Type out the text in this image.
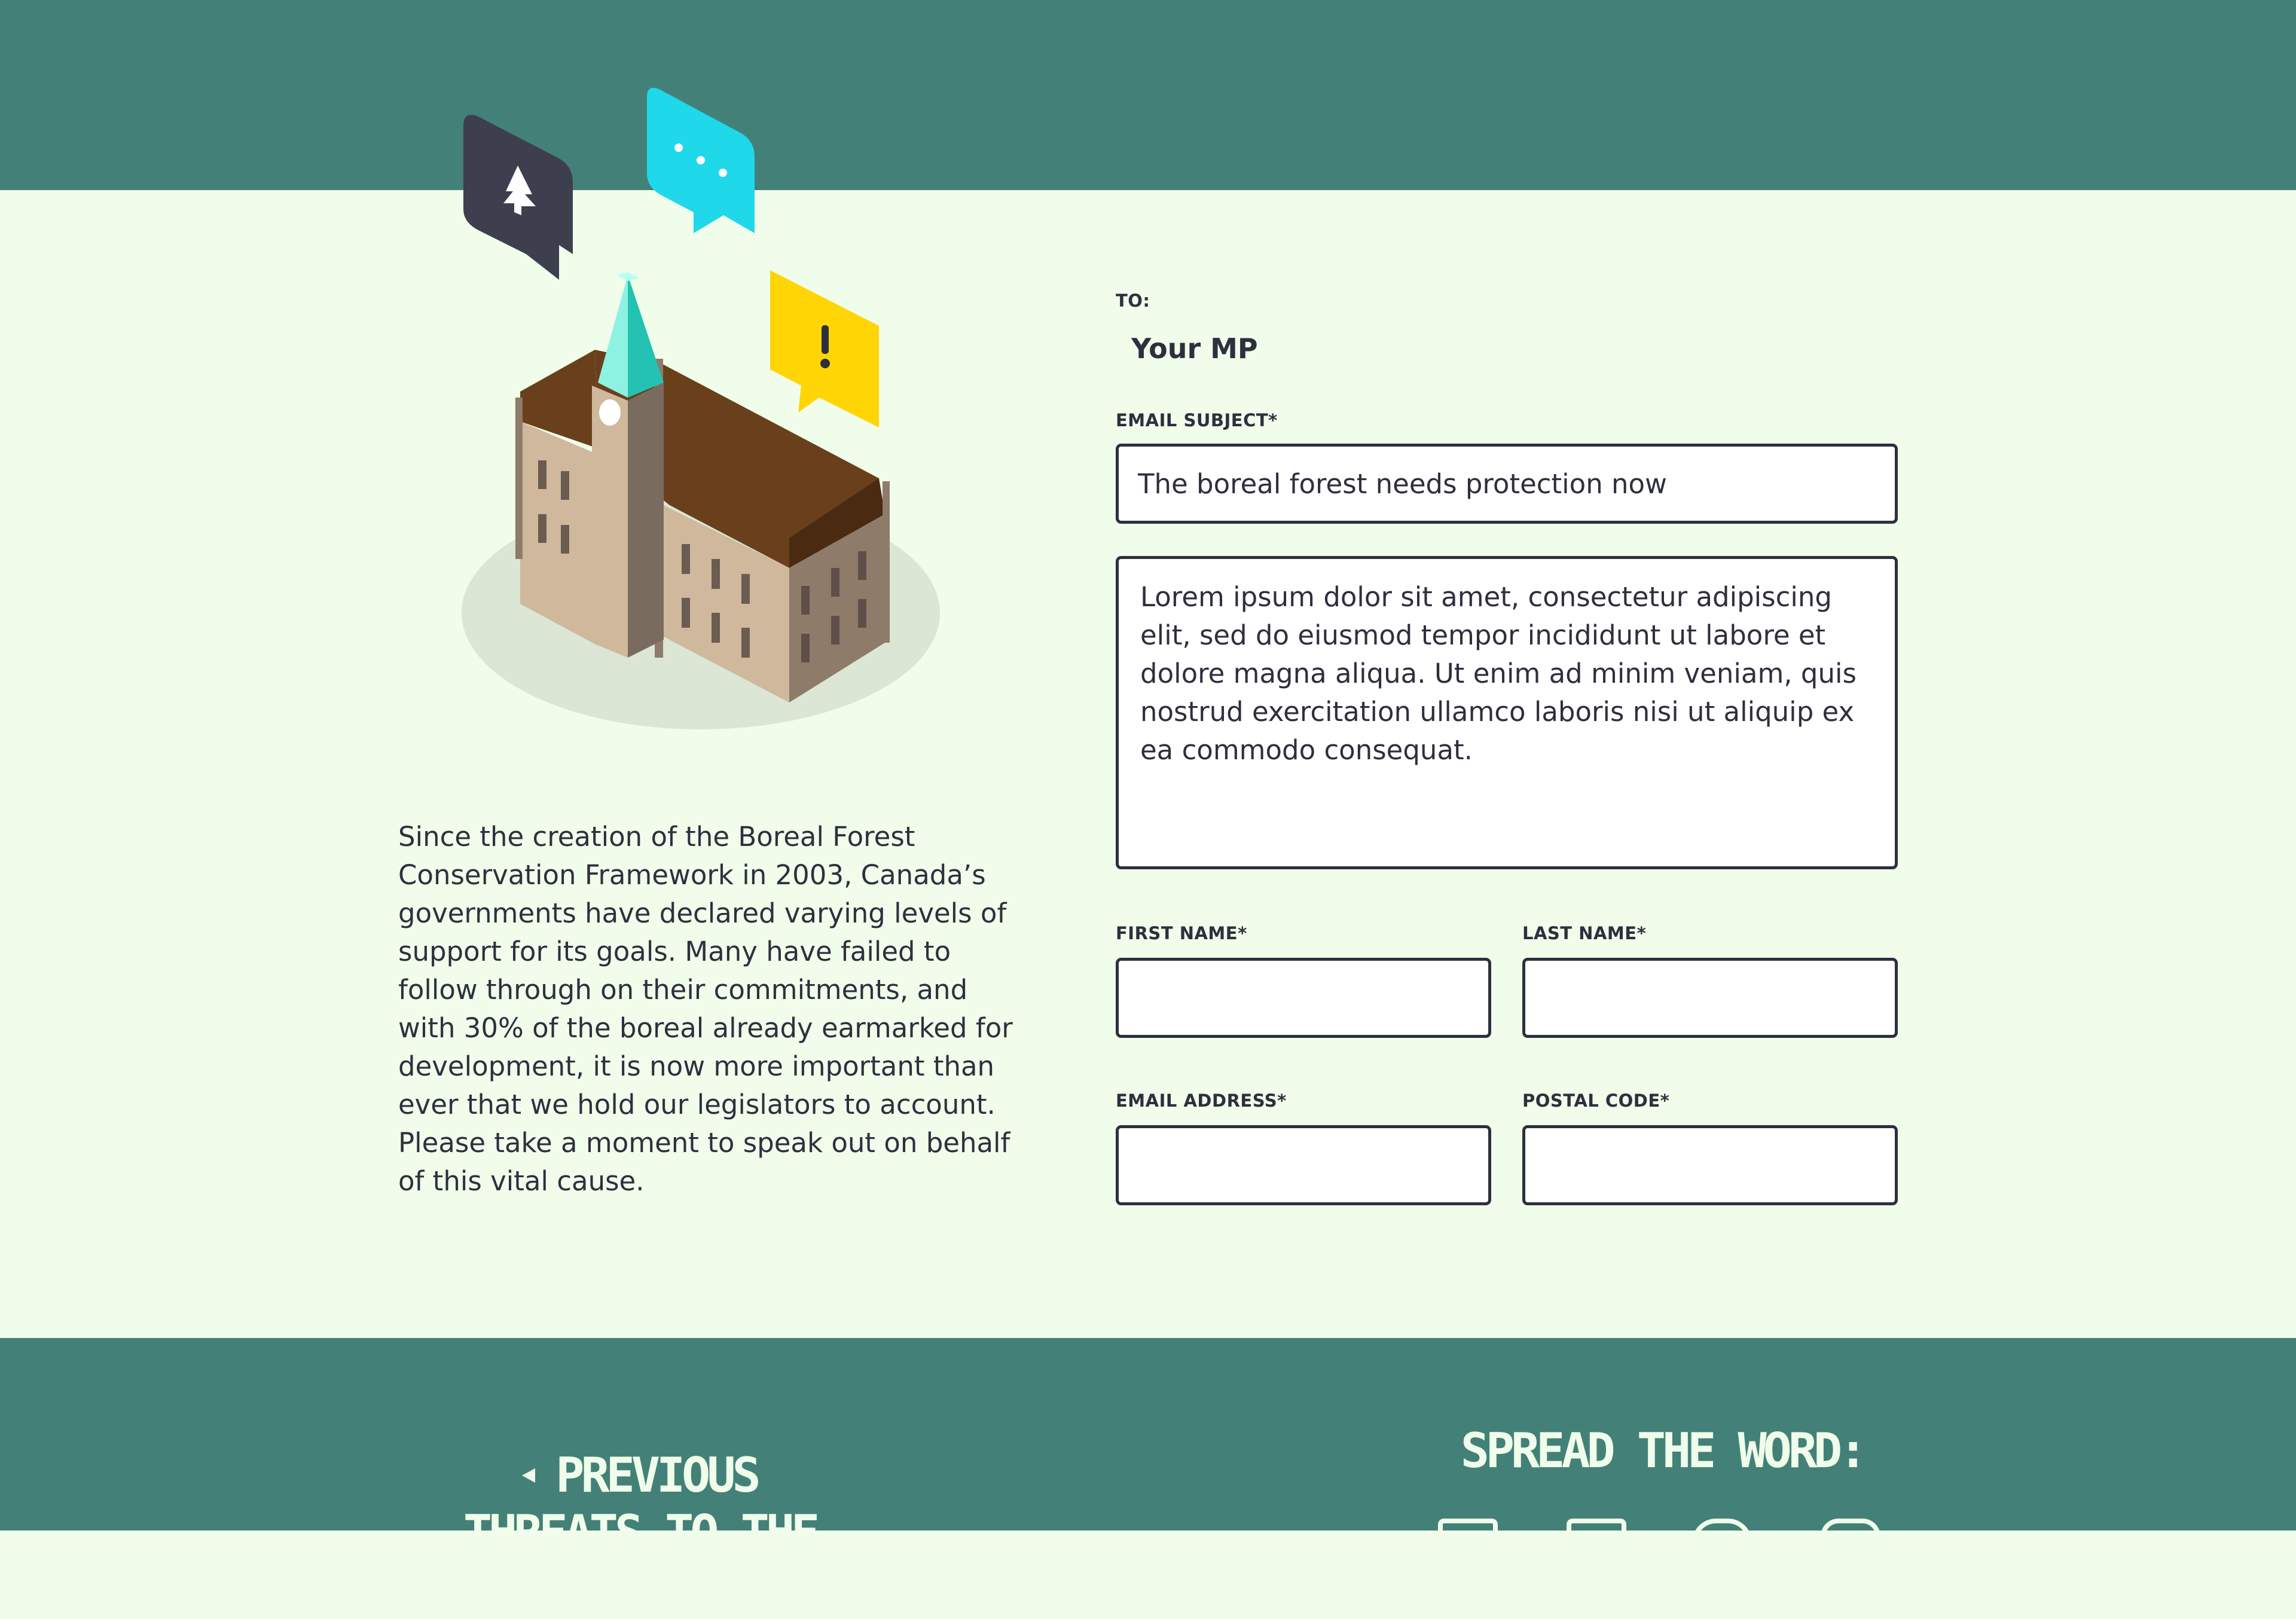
Since the creation of the Boreal Forest Conservation Framework in 2003, Canada’s governments have declared varying levels of support for its goals. Many have failed to follow through on their commitments, and with 30% of the boreal already earmarked for development, it is now more important than ever that we hold our legislators to account. Please take a moment to speak out on behalf of this vital cause.

TO:
Your MP
EMAIL SUBJECT*
The boreal forest needs protection now
Lorem ipsum dolor sit amet, consectetur adipiscing elit, sed do eiusmod tempor incididunt ut labore et dolore magna aliqua. Ut enim ad minim veniam, quis nostrud exercitation ullamco laboris nisi ut aliquip ex ea commodo consequat.
FIRST NAME*	LAST NAME*
EMAIL ADDRESS*	POSTAL CODE*
PREVIOUS
THREATS TO THE BOREAL
SPREAD THE WORD:
